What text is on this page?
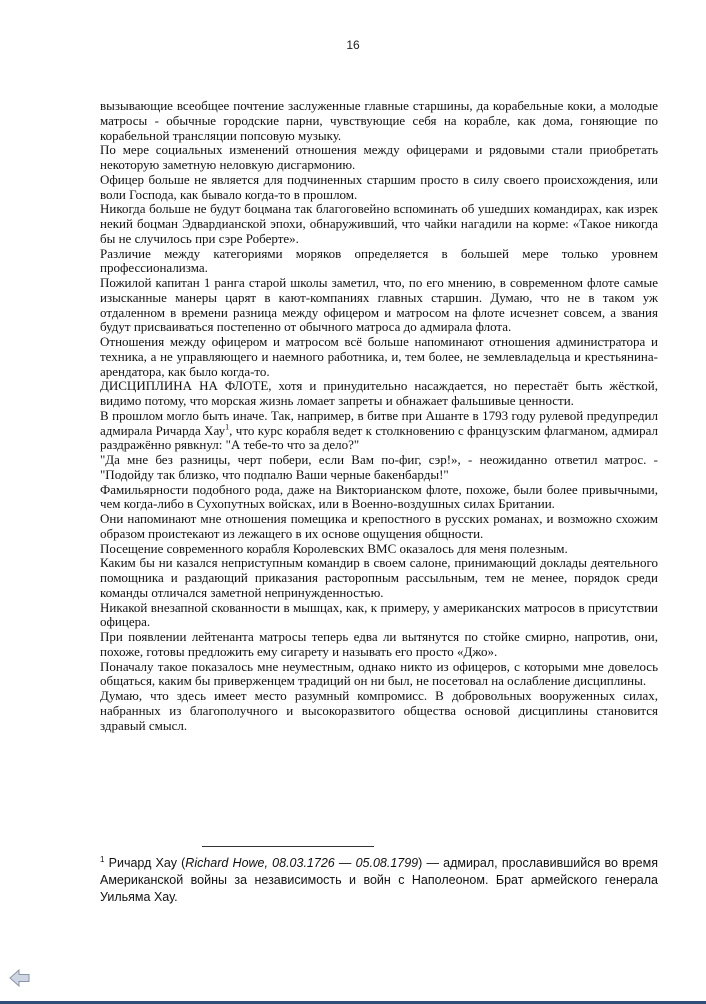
16

вызывающие всеобщее почтение заслуженные главные старшины, да корабельные коки, а молодые матросы - обычные городские парни, чувствующие себя на корабле, как дома, гоняющие по корабельной трансляции попсовую музыку.

По мере социальных изменений отношения между офицерами и рядовыми стали приобретать некоторую заметную неловкую дисгармонию.

Офицер больше не является для подчиненных старшим просто в силу своего происхождения, или воли Господа, как бывало когда-то в прошлом.

Никогда больше не будут боцмана так благоговейно вспоминать об ушедших командирах, как изрек некий боцман Эдвардианской эпохи, обнаруживший, что чайки нагадили на корме: «Такое никогда бы не случилось при сэре Роберте».

Различие между категориями моряков определяется в большей мере только уровнем профессионализма.

Пожилой капитан 1 ранга старой школы заметил, что, по его мнению, в современном флоте самые изысканные манеры царят в кают-компаниях главных старшин. Думаю, что не в таком уж отдаленном в времени разница между офицером и матросом на флоте исчезнет совсем, а звания будут присваиваться постепенно от обычного матроса до адмирала флота.

Отношения между офицером и матросом всё больше напоминают отношения администратора и техника, а не управляющего и наемного работника, и, тем более, не землевладельца и крестьянина-арендатора, как было когда-то.

ДИСЦИПЛИНА НА ФЛОТЕ, хотя и принудительно насаждается, но перестаёт быть жёсткой, видимо потому, что морская жизнь ломает запреты и обнажает фальшивые ценности.

В прошлом могло быть иначе. Так, например, в битве при Ашанте в 1793 году рулевой предупредил адмирала Ричарда Хау$^1$, что курс корабля ведет к столкновению с французским флагманом, адмирал раздражённо рявкнул: "А тебе-то что за дело?"

"Да мне без разницы, черт побери, если Вам по-фиг, сэр!», - неожиданно ответил матрос. - "Подойду так близко, что подпалю Ваши черные бакенбарды!"

Фамильярности подобного рода, даже на Викторианском флоте, похоже, были более привычными, чем когда-либо в Сухопутных войсках, или в Военно-воздушных силах Британии.

Они напоминают мне отношения помещика и крепостного в русских романах, и возможно схожим образом проистекают из лежащего в их основе ощущения общности.

Посещение современного корабля Королевских ВМС оказалось для меня полезным.

Каким бы ни казался неприступным командир в своем салоне, принимающий доклады деятельного помощника и раздающий приказания расторопным рассыльным, тем не менее, порядок среди команды отличался заметной непринужденностью.

Никакой внезапной скованности в мышцах, как, к примеру, у американских матросов в присутствии офицера.

При появлении лейтенанта матросы теперь едва ли вытянутся по стойке смирно, напротив, они, похоже, готовы предложить ему сигарету и называть его просто «Джо».

Поначалу такое показалось мне неуместным, однако никто из офицеров, с которыми мне довелось общаться, каким бы приверженцем традиций он ни был, не посетовал на ослабление дисциплины.

Думаю, что здесь имеет место разумный компромисс. В добровольных вооруженных силах, набранных из благополучного и высокоразвитого общества основой дисциплины становится здравый смысл.

$^1$ Ричард Хау (Richard Howe, 08.03.1726 — 05.08.1799) — адмирал, прославившийся во время Американской войны за независимость и войн с Наполеоном. Брат армейского генерала Уильяма Хау.
